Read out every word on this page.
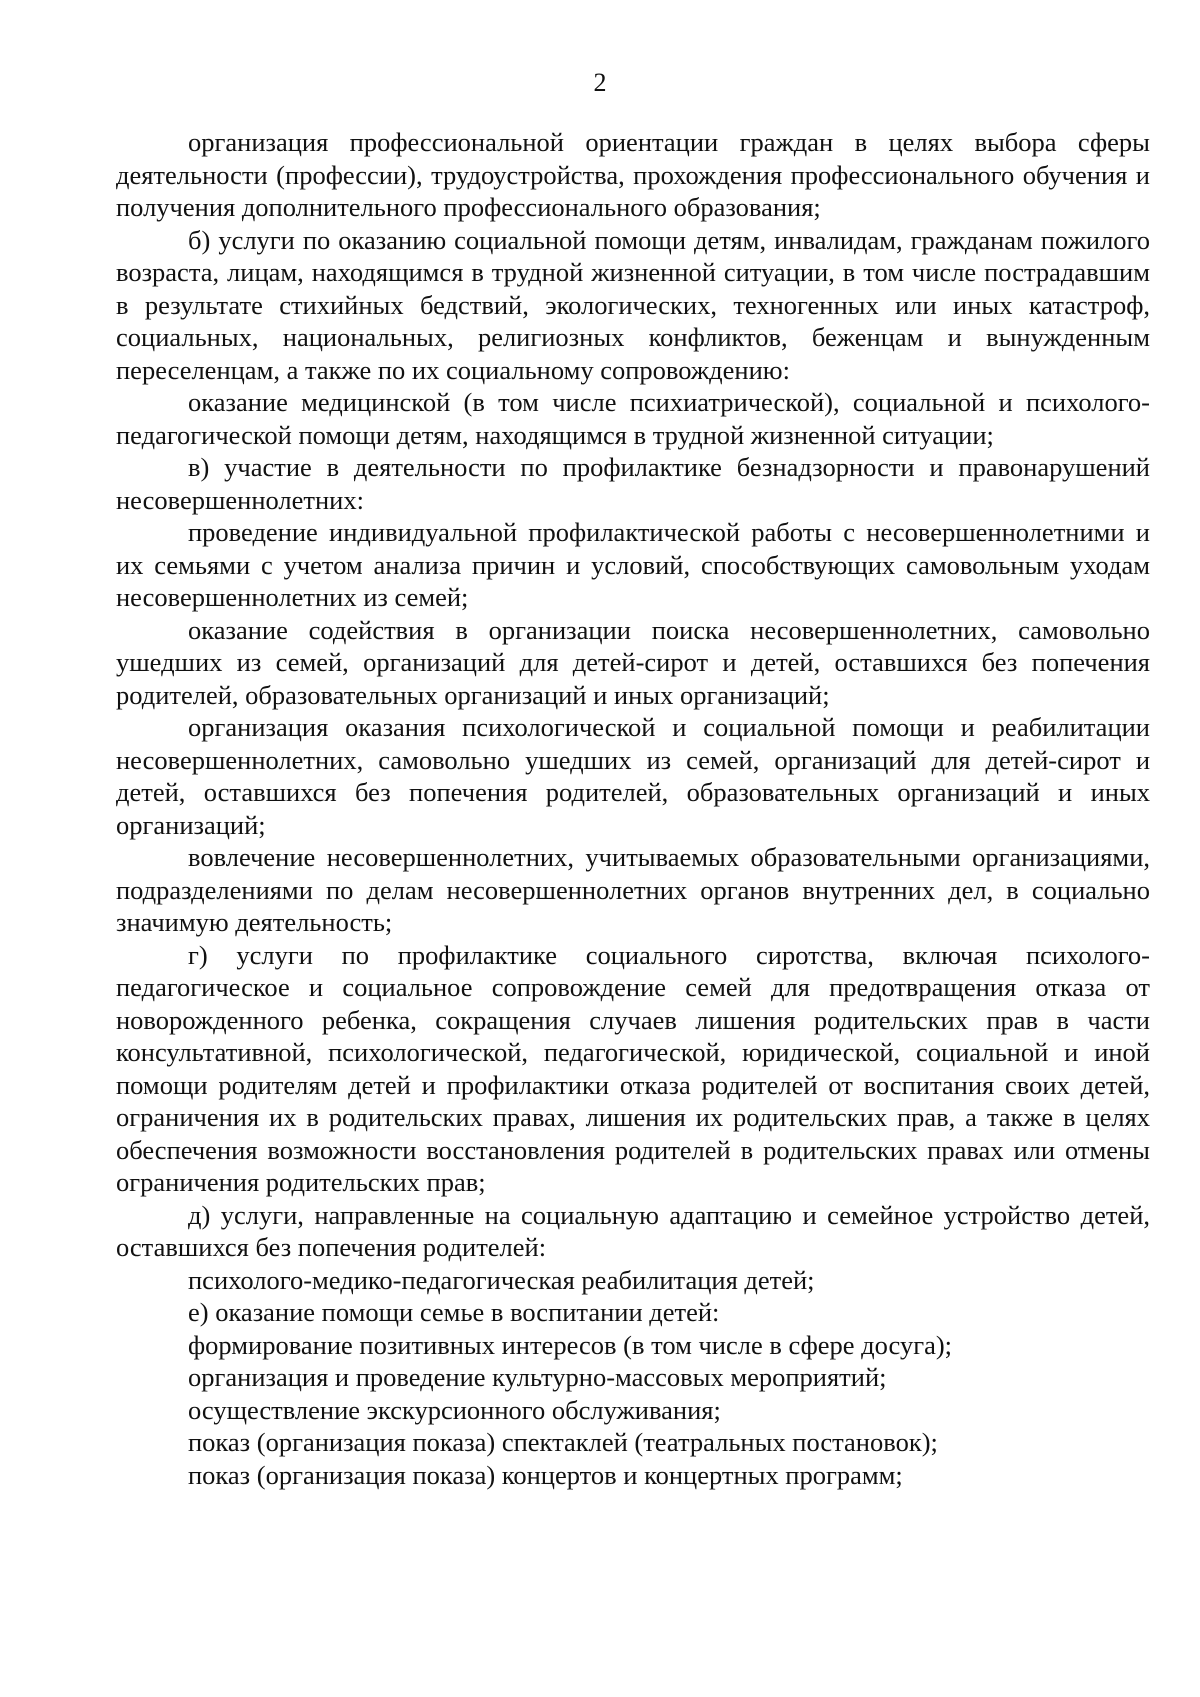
2

организация профессиональной ориентации граждан в целях выбора сферы деятельности (профессии), трудоустройства, прохождения профессионального обучения и получения дополнительного профессионального образования;

б) услуги по оказанию социальной помощи детям, инвалидам, гражданам пожилого возраста, лицам, находящимся в трудной жизненной ситуации, в том числе пострадавшим в результате стихийных бедствий, экологических, техногенных или иных катастроф, социальных, национальных, религиозных конфликтов, беженцам и вынужденным переселенцам, а также по их социальному сопровождению:

оказание медицинской (в том числе психиатрической), социальной и психолого-педагогической помощи детям, находящимся в трудной жизненной ситуации;

в) участие в деятельности по профилактике безнадзорности и правонарушений несовершеннолетних:

проведение индивидуальной профилактической работы с несовершеннолетними и их семьями с учетом анализа причин и условий, способствующих самовольным уходам несовершеннолетних из семей;

оказание содействия в организации поиска несовершеннолетних, самовольно ушедших из семей, организаций для детей-сирот и детей, оставшихся без попечения родителей, образовательных организаций и иных организаций;

организация оказания психологической и социальной помощи и реабилитации несовершеннолетних, самовольно ушедших из семей, организаций для детей-сирот и детей, оставшихся без попечения родителей, образовательных организаций и иных организаций;

вовлечение несовершеннолетних, учитываемых образовательными организациями, подразделениями по делам несовершеннолетних органов внутренних дел, в социально значимую деятельность;

г) услуги по профилактике социального сиротства, включая психолого-педагогическое и социальное сопровождение семей для предотвращения отказа от новорожденного ребенка, сокращения случаев лишения родительских прав в части консультативной, психологической, педагогической, юридической, социальной и иной помощи родителям детей и профилактики отказа родителей от воспитания своих детей, ограничения их в родительских правах, лишения их родительских прав, а также в целях обеспечения возможности восстановления родителей в родительских правах или отмены ограничения родительских прав;

д) услуги, направленные на социальную адаптацию и семейное устройство детей, оставшихся без попечения родителей:

психолого-медико-педагогическая реабилитация детей;

е) оказание помощи семье в воспитании детей:

формирование позитивных интересов (в том числе в сфере досуга);

организация и проведение культурно-массовых мероприятий;

осуществление экскурсионного обслуживания;

показ (организация показа) спектаклей (театральных постановок);

показ (организация показа) концертов и концертных программ;
